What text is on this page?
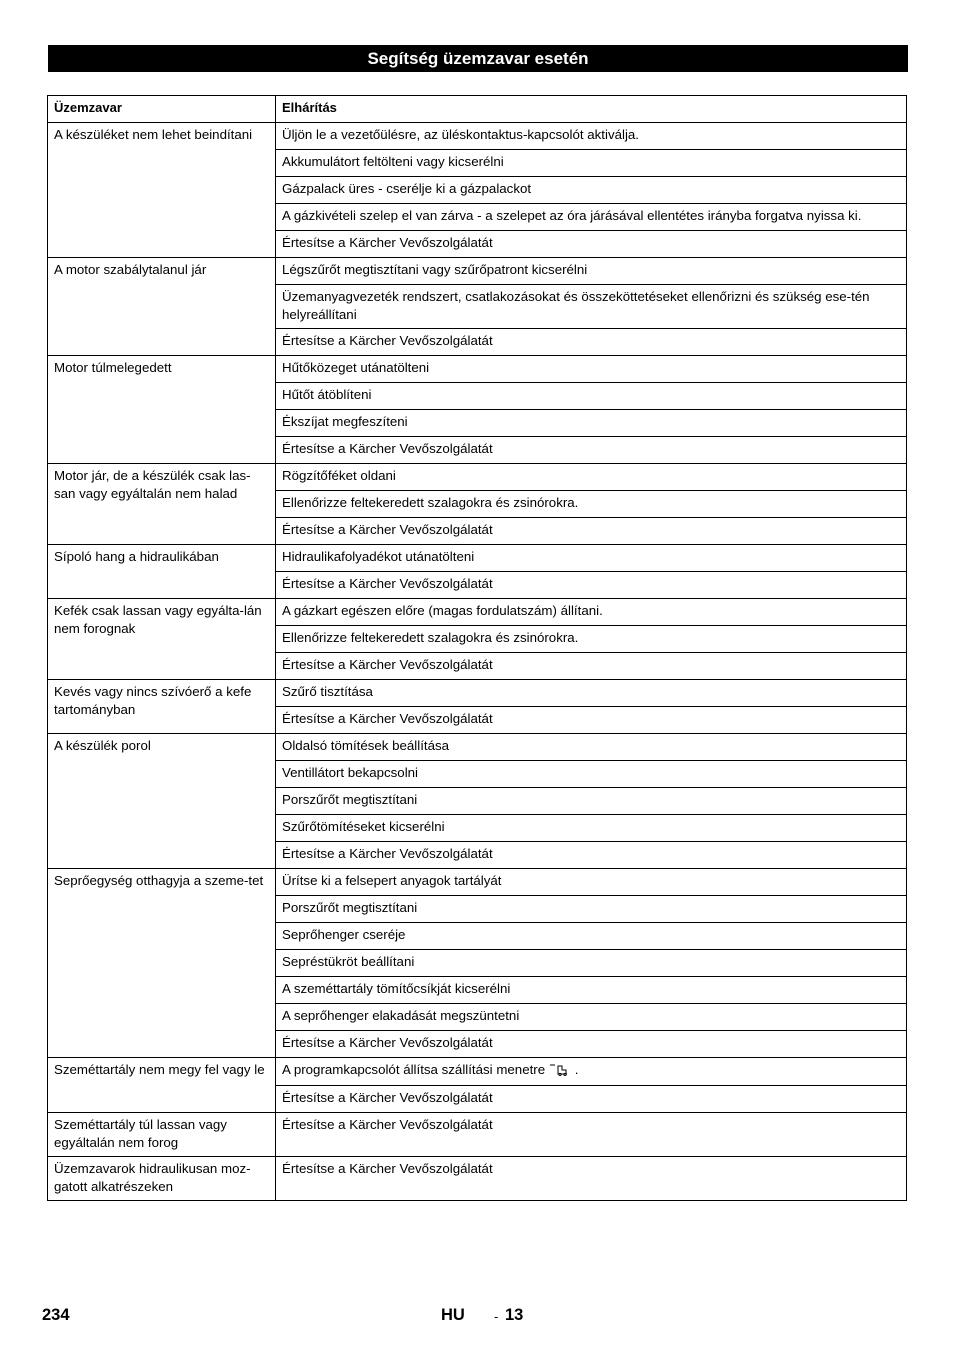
Segítség üzemzavar esetén
Üzemzavar	Elhárítás
A készüléket nem lehet beindítani	Üljön le a vezetőülésre, az üléskontaktus-kapcsolót aktiválja.
	Akkumulátort feltölteni vagy kicserélni
	Gázpalack üres - cserélje ki a gázpalackot
	A gázkivételi szelep el van zárva - a szelepet az óra járásával ellentétes irányba forgatva nyissa ki.
	Értesítse a Kärcher Vevőszolgálatát
A motor szabálytalanul jár	Légszűrőt megtisztítani vagy szűrőpatront kicserélni
	Üzemanyagvezeték rendszert, csatlakozásokat és összeköttetéseket ellenőrizni és szükség ese-tén helyreállítani
	Értesítse a Kärcher Vevőszolgálatát
Motor túlmelegedett	Hűtőközeget utánatölteni
	Hűtőt átöblíteni
	Ékszíjat megfeszíteni
	Értesítse a Kärcher Vevőszolgálatát
Motor jár, de a készülék csak las-san vagy egyáltalán nem halad	Rögzítőféket oldani
	Ellenőrizze feltekeredett szalagokra és zsinórokra.
	Értesítse a Kärcher Vevőszolgálatát
Sípoló hang a hidraulikában	Hidraulikafolyadékot utánatölteni
	Értesítse a Kärcher Vevőszolgálatát
Kefék csak lassan vagy egyálta-lán nem forognak	A gázkart egészen előre (magas fordulatszám) állítani.
	Ellenőrizze feltekeredett szalagokra és zsinórokra.
	Értesítse a Kärcher Vevőszolgálatát
Kevés vagy nincs szívóerő a kefe tartományban	Szűrő tisztítása
	Értesítse a Kärcher Vevőszolgálatát
A készülék porol	Oldalsó tömítések beállítása
	Ventillátort bekapcsolni
	Porszűrőt megtisztítani
	Szűrőtömítéseket kicserélni
	Értesítse a Kärcher Vevőszolgálatát
Seprőegység otthagyja a szeme-tet	Ürítse ki a felsepert anyagok tartályát
	Porszűrőt megtisztítani
	Seprőhenger cseréje
	Sepréstükröt beállítani
	A szeméttartály tömítőcsíkját kicserélni
	A seprőhenger elakadását megszüntetni
	Értesítse a Kärcher Vevőszolgálatát
Szeméttartály nem megy fel vagy le	A programkapcsolót állítsa szállítási menetre .
	Értesítse a Kärcher Vevőszolgálatát
Szeméttartály túl lassan vagy egyáltalán nem forog	Értesítse a Kärcher Vevőszolgálatát
Üzemzavarok hidraulikusan moz-gatott alkatrészeken	Értesítse a Kärcher Vevőszolgálatát
234	HU - 13
